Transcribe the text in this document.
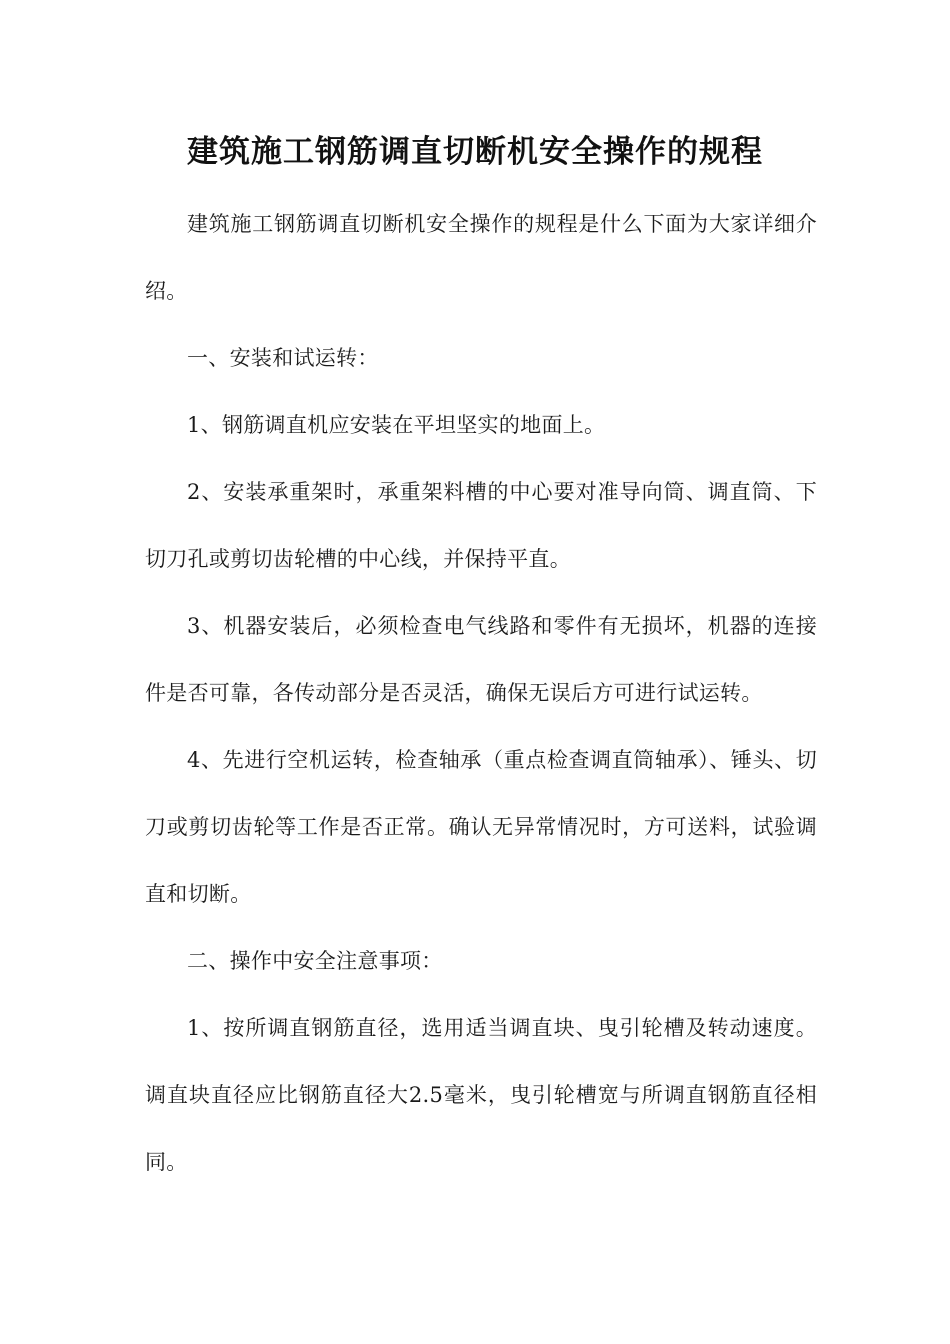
建筑施工钢筋调直切断机安全操作的规程

建筑施工钢筋调直切断机安全操作的规程是什么下面为大家详细介绍。

一、安装和试运转：

1、钢筋调直机应安装在平坦坚实的地面上。

2、安装承重架时，承重架料槽的中心要对准导向筒、调直筒、下切刀孔或剪切齿轮槽的中心线，并保持平直。

3、机器安装后，必须检查电气线路和零件有无损坏，机器的连接件是否可靠，各传动部分是否灵活，确保无误后方可进行试运转。

4、先进行空机运转，检查轴承（重点检查调直筒轴承）、锤头、切刀或剪切齿轮等工作是否正常。确认无异常情况时，方可送料，试验调直和切断。

二、操作中安全注意事项：

1、按所调直钢筋直径，选用适当调直块、曳引轮槽及转动速度。调直块直径应比钢筋直径大2.5毫米，曳引轮槽宽与所调直钢筋直径相同。
